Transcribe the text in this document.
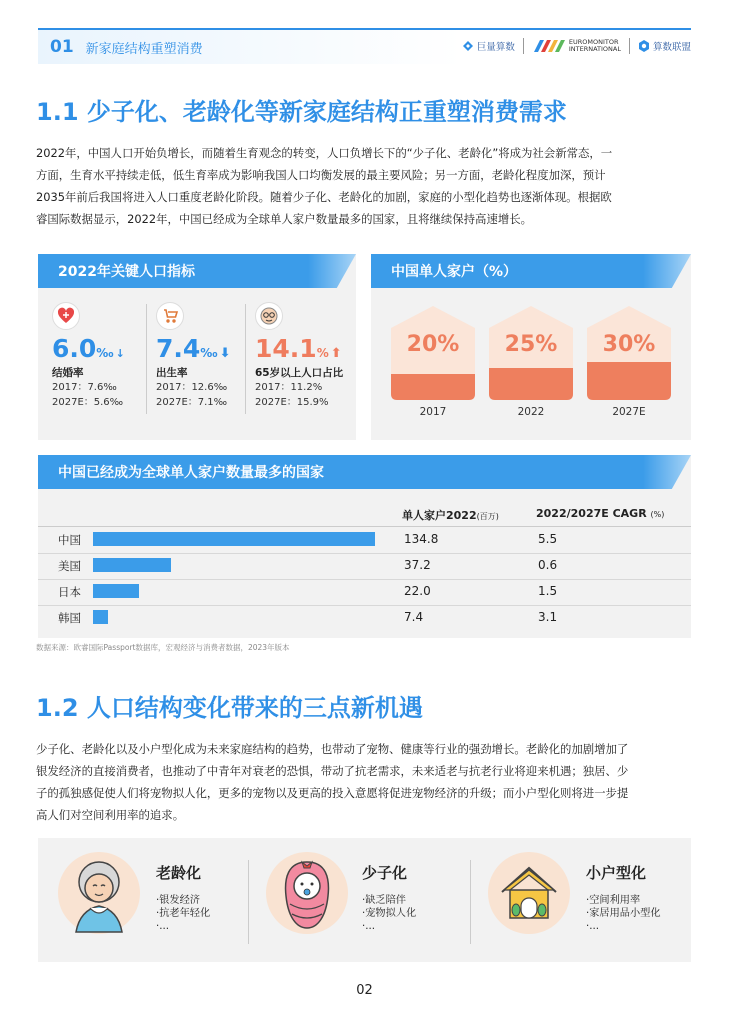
01 新家庭结构重塑消费	巨量算数	EUROMONITOR
INTERNATIONAL	算数联盟
1.1 少子化、老龄化等新家庭结构正重塑消费需求
2022年，中国人口开始负增长，而随着生育观念的转变，人口负增长下的“少子化、老龄化”将成为社会新常态，一
方面，生育水平持续走低，低生育率成为影响我国人口均衡发展的最主要风险；另一方面，老龄化程度加深，预计
2035年前后我国将进入人口重度老龄化阶段。随着少子化、老龄化的加剧，家庭的小型化趋势也逐渐体现。根据欧
睿国际数据显示，2022年，中国已经成为全球单人家户数量最多的国家，且将继续保持高速增长。
2022年关键人口指标
6.0‰ ↓
结婚率
2017：7.6‰
2027E：5.6‰
7.4‰ ⬇
出生率
2017：12.6‰
2027E：7.1‰
14.1% ⬆
65岁以上人口占比
2017：11.2%
2027E：15.9%
中国单人家户（%）
20%
2017
25%
2022
30%
2027E
中国已经成为全球单人家户数量最多的国家
单人家户2022(百万)	2022/2027E CAGR (%)
中国	134.8	5.5
美国	37.2	0.6
日本	22.0	1.5
韩国	7.4	3.1
数据来源：欧睿国际Passport数据库，宏观经济与消费者数据，2023年版本
1.2 人口结构变化带来的三点新机遇
少子化、老龄化以及小户型化成为未来家庭结构的趋势，也带动了宠物、健康等行业的强劲增长。老龄化的加剧增加了
银发经济的直接消费者，也推动了中青年对衰老的恐惧，带动了抗老需求，未来适老与抗老行业将迎来机遇；独居、少
子的孤独感促使人们将宠物拟人化，更多的宠物以及更高的投入意愿将促进宠物经济的升级；而小户型化则将进一步提
高人们对空间利用率的追求。
老龄化
·银发经济
·抗老年轻化
·...
少子化
·缺乏陪伴
·宠物拟人化
·...
小户型化
·空间利用率
·家居用品小型化
·...
02
